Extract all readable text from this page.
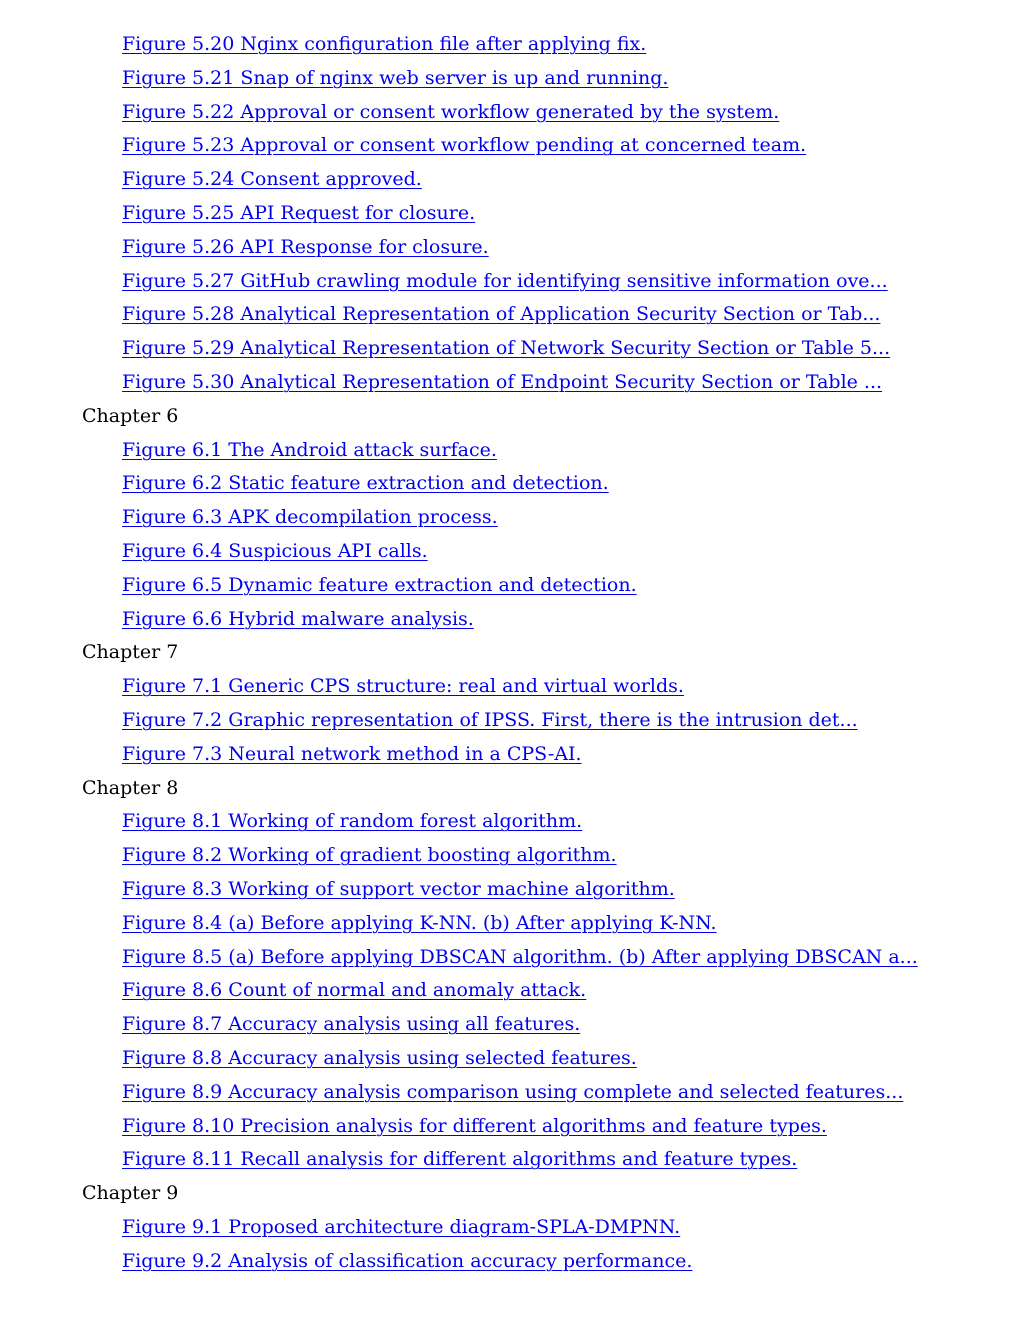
Figure 5.20 Nginx configuration file after applying fix.
Figure 5.21 Snap of nginx web server is up and running.
Figure 5.22 Approval or consent workflow generated by the system.
Figure 5.23 Approval or consent workflow pending at concerned team.
Figure 5.24 Consent approved.
Figure 5.25 API Request for closure.
Figure 5.26 API Response for closure.
Figure 5.27 GitHub crawling module for identifying sensitive information ove...
Figure 5.28 Analytical Representation of Application Security Section or Tab...
Figure 5.29 Analytical Representation of Network Security Section or Table 5...
Figure 5.30 Analytical Representation of Endpoint Security Section or Table ...
Chapter 6
Figure 6.1 The Android attack surface.
Figure 6.2 Static feature extraction and detection.
Figure 6.3 APK decompilation process.
Figure 6.4 Suspicious API calls.
Figure 6.5 Dynamic feature extraction and detection.
Figure 6.6 Hybrid malware analysis.
Chapter 7
Figure 7.1 Generic CPS structure: real and virtual worlds.
Figure 7.2 Graphic representation of IPSS. First, there is the intrusion det...
Figure 7.3 Neural network method in a CPS-AI.
Chapter 8
Figure 8.1 Working of random forest algorithm.
Figure 8.2 Working of gradient boosting algorithm.
Figure 8.3 Working of support vector machine algorithm.
Figure 8.4 (a) Before applying K-NN. (b) After applying K-NN.
Figure 8.5 (a) Before applying DBSCAN algorithm. (b) After applying DBSCAN a...
Figure 8.6 Count of normal and anomaly attack.
Figure 8.7 Accuracy analysis using all features.
Figure 8.8 Accuracy analysis using selected features.
Figure 8.9 Accuracy analysis comparison using complete and selected features...
Figure 8.10 Precision analysis for different algorithms and feature types.
Figure 8.11 Recall analysis for different algorithms and feature types.
Chapter 9
Figure 9.1 Proposed architecture diagram-SPLA-DMPNN.
Figure 9.2 Analysis of classification accuracy performance.
